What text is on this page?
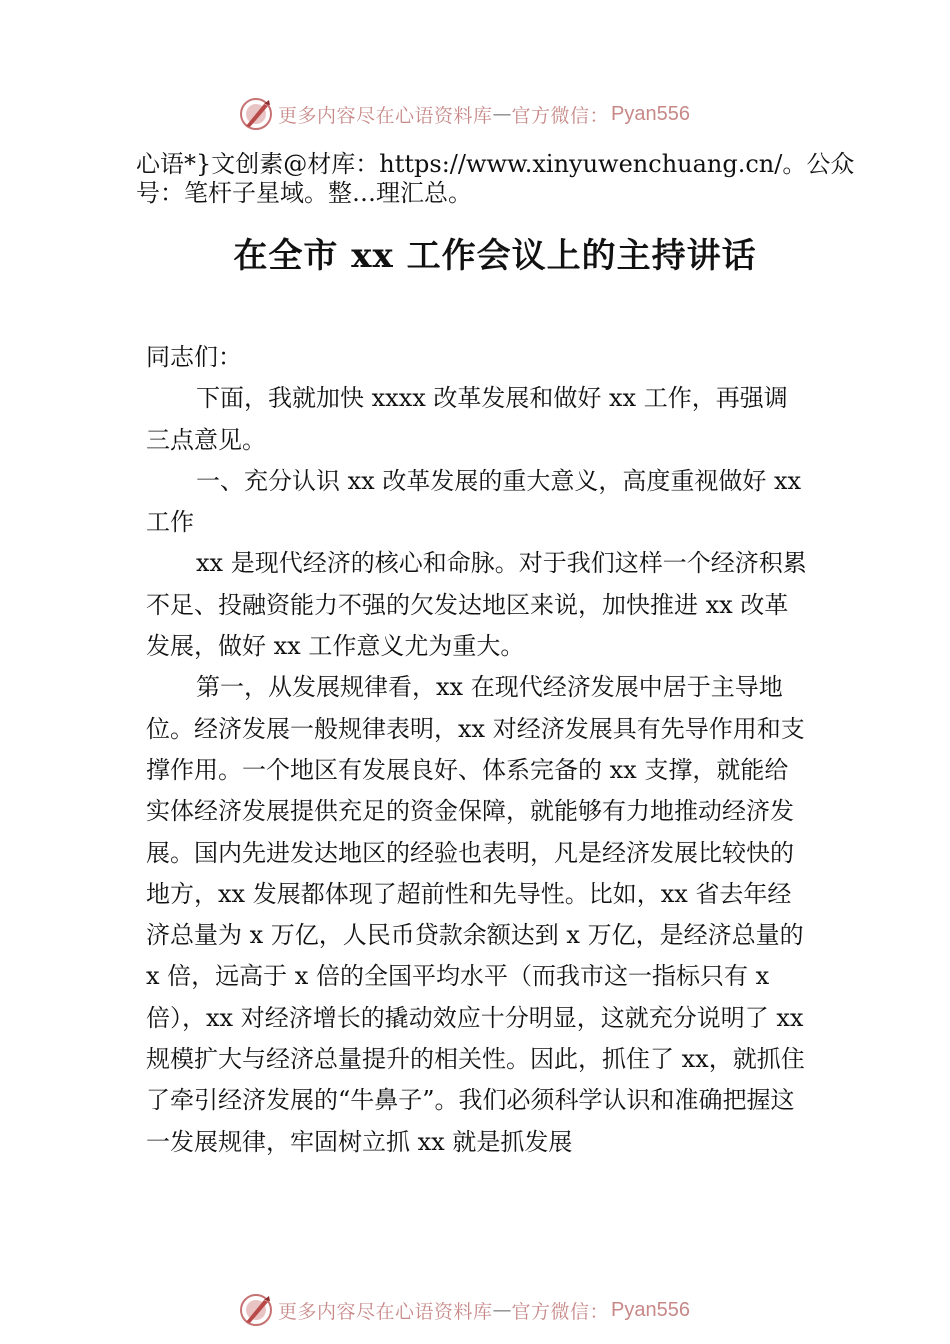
更多内容尽在心语资料库 — 官方微信： Pyan556
心语*}文创素@材库：https://www.xinyuwenchuang.cn/。公众号：笔杆子星域。整…理汇总。
在全市 xx 工作会议上的主持讲话

同志们：

下面，我就加快 xxxx 改革发展和做好 xx 工作，再强调三点意见。

一、充分认识 xx 改革发展的重大意义，高度重视做好 xx 工作

xx 是现代经济的核心和命脉。对于我们这样一个经济积累不足、投融资能力不强的欠发达地区来说，加快推进 xx 改革发展，做好 xx 工作意义尤为重大。

第一，从发展规律看，xx 在现代经济发展中居于主导地位。经济发展一般规律表明，xx 对经济发展具有先导作用和支撑作用。一个地区有发展良好、体系完备的 xx 支撑，就能给实体经济发展提供充足的资金保障，就能够有力地推动经济发展。国内先进发达地区的经验也表明，凡是经济发展比较快的地方，xx 发展都体现了超前性和先导性。比如，xx 省去年经济总量为 x 万亿，人民币贷款余额达到 x 万亿，是经济总量的 x 倍，远高于 x 倍的全国平均水平（而我市这一指标只有 x 倍），xx 对经济增长的撬动效应十分明显，这就充分说明了 xx 规模扩大与经济总量提升的相关性。因此，抓住了 xx，就抓住了牵引经济发展的“牛鼻子”。我们必须科学认识和准确把握这一发展规律，牢固树立抓 xx 就是抓发展

更多内容尽在心语资料库 — 官方微信： Pyan556
